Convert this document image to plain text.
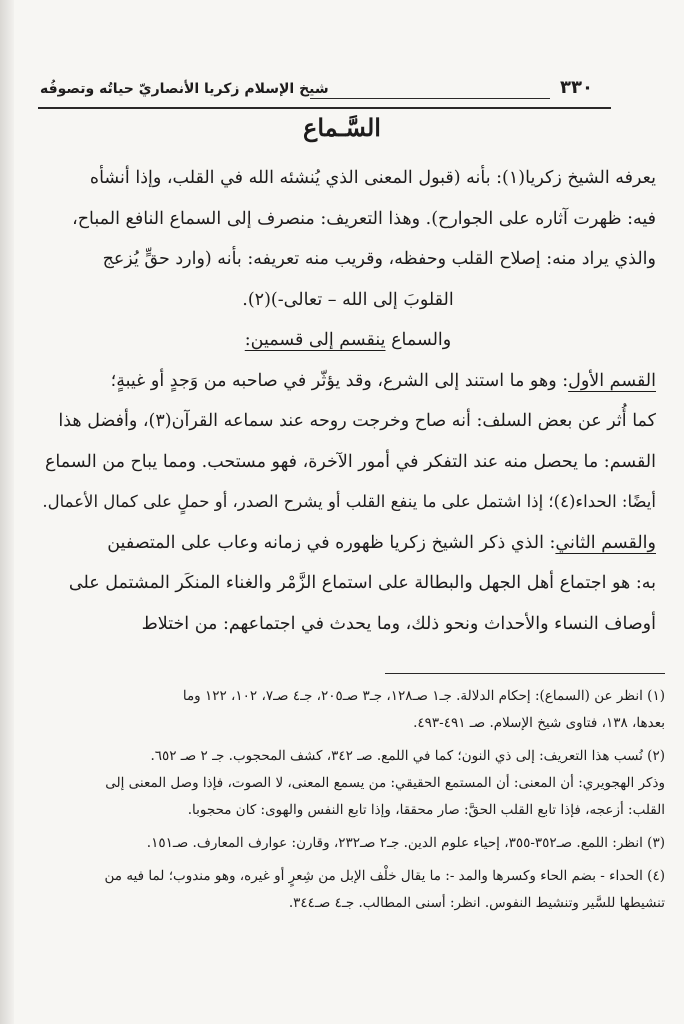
٣٣٠
شيخ الإسلام زكريا الأنصاريّ حياتُه وتصوفُه
السَّـماع
يعرفه الشيخ زكريا(١): بأنه (قبول المعنى الذي يُنشئه الله في القلب، وإذا أنشأه
فيه: ظهرت آثاره على الجوارح). وهذا التعريف: منصرف إلى السماع النافع المباح،
والذي يراد منه: إصلاح القلب وحفظه، وقريب منه تعريفه: بأنه (وارد حقٍّ يُزعج
القلوبَ إلى الله – تعالى-)(٢).
والسماع ينقسم إلى قسمين:
القسم الأول: وهو ما استند إلى الشرع، وقد يؤثّر في صاحبه من وَجدٍ أو غيبةٍ؛
كما أُثر عن بعض السلف: أنه صاح وخرجت روحه عند سماعه القرآن(٣)، وأفضل هذا
القسم: ما يحصل منه عند التفكر في أمور الآخرة، فهو مستحب. ومما يباح من السماع
أيضًا: الحداء(٤)؛ إذا اشتمل على ما ينفع القلب أو يشرح الصدر، أو حملٍ على كمال الأعمال.
والقسم الثاني: الذي ذكر الشيخ زكريا ظهوره في زمانه وعاب على المتصفين
به: هو اجتماع أهل الجهل والبطالة على استماع الزَّمْر والغناء المنكَر المشتمل على
أوصاف النساء والأحداث ونحو ذلك، وما يحدث في اجتماعهم: من اختلاط
(١) انظر عن (السماع): إحكام الدلالة. جـ١ صـ١٢٨، جـ٣ صـ٢٠٥، جـ٤ صـ٧، ١٠٢، ١٢٢ وما
بعدها، ١٣٨، فتاوى شيخ الإسلام. صـ ٤٩١-٤٩٣.
(٢) نُسب هذا التعريف: إلى ذي النون؛ كما في اللمع. صـ ٣٤٢، كشف المحجوب. جـ ٢ صـ ٦٥٢.
وذكر الهجويري: أن المعنى: أن المستمع الحقيقي: من يسمع المعنى، لا الصوت، فإذا وصل المعنى إلى
القلب: أزعجه، فإذا تابع القلب الحقَّ: صار محققا، وإذا تابع النفس والهوى: كان محجوبا.
(٣) انظر: اللمع. صـ٣٥٢-٣٥٥، إحياء علوم الدين. جـ٢ صـ٢٣٢، وقارن: عوارف المعارف. صـ١٥١.
(٤) الحداء - بضم الحاء وكسرها والمد -: ما يقال خلْف الإبل من شِعرٍ أو غيره، وهو مندوب؛ لما فيه من
تنشيطها للسَّير وتنشيط النفوس. انظر: أسنى المطالب. جـ٤ صـ٣٤٤.
